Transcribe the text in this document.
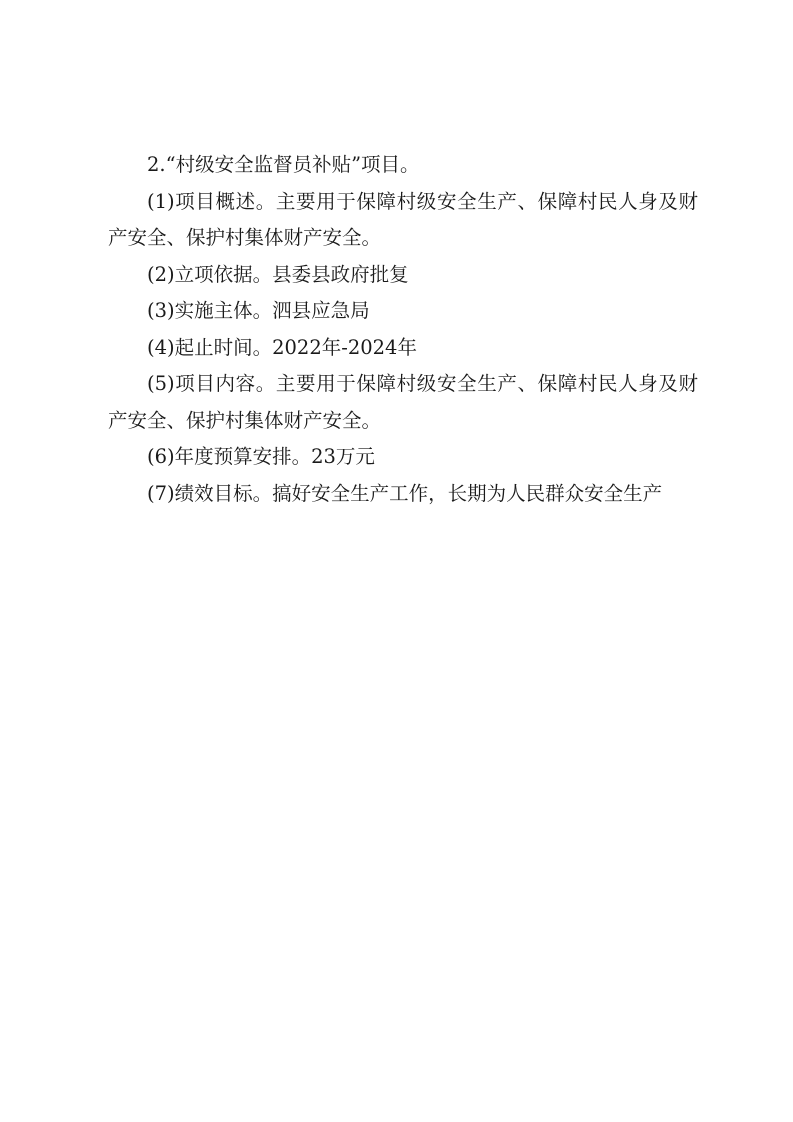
2.“村级安全监督员补贴”项目。

(1)项目概述。主要用于保障村级安全生产、保障村民人身及财产安全、保护村集体财产安全。

(2)立项依据。县委县政府批复

(3)实施主体。泗县应急局

(4)起止时间。2022年-2024年

(5)项目内容。主要用于保障村级安全生产、保障村民人身及财产安全、保护村集体财产安全。

(6)年度预算安排。23万元

(7)绩效目标。搞好安全生产工作，长期为人民群众安全生产
